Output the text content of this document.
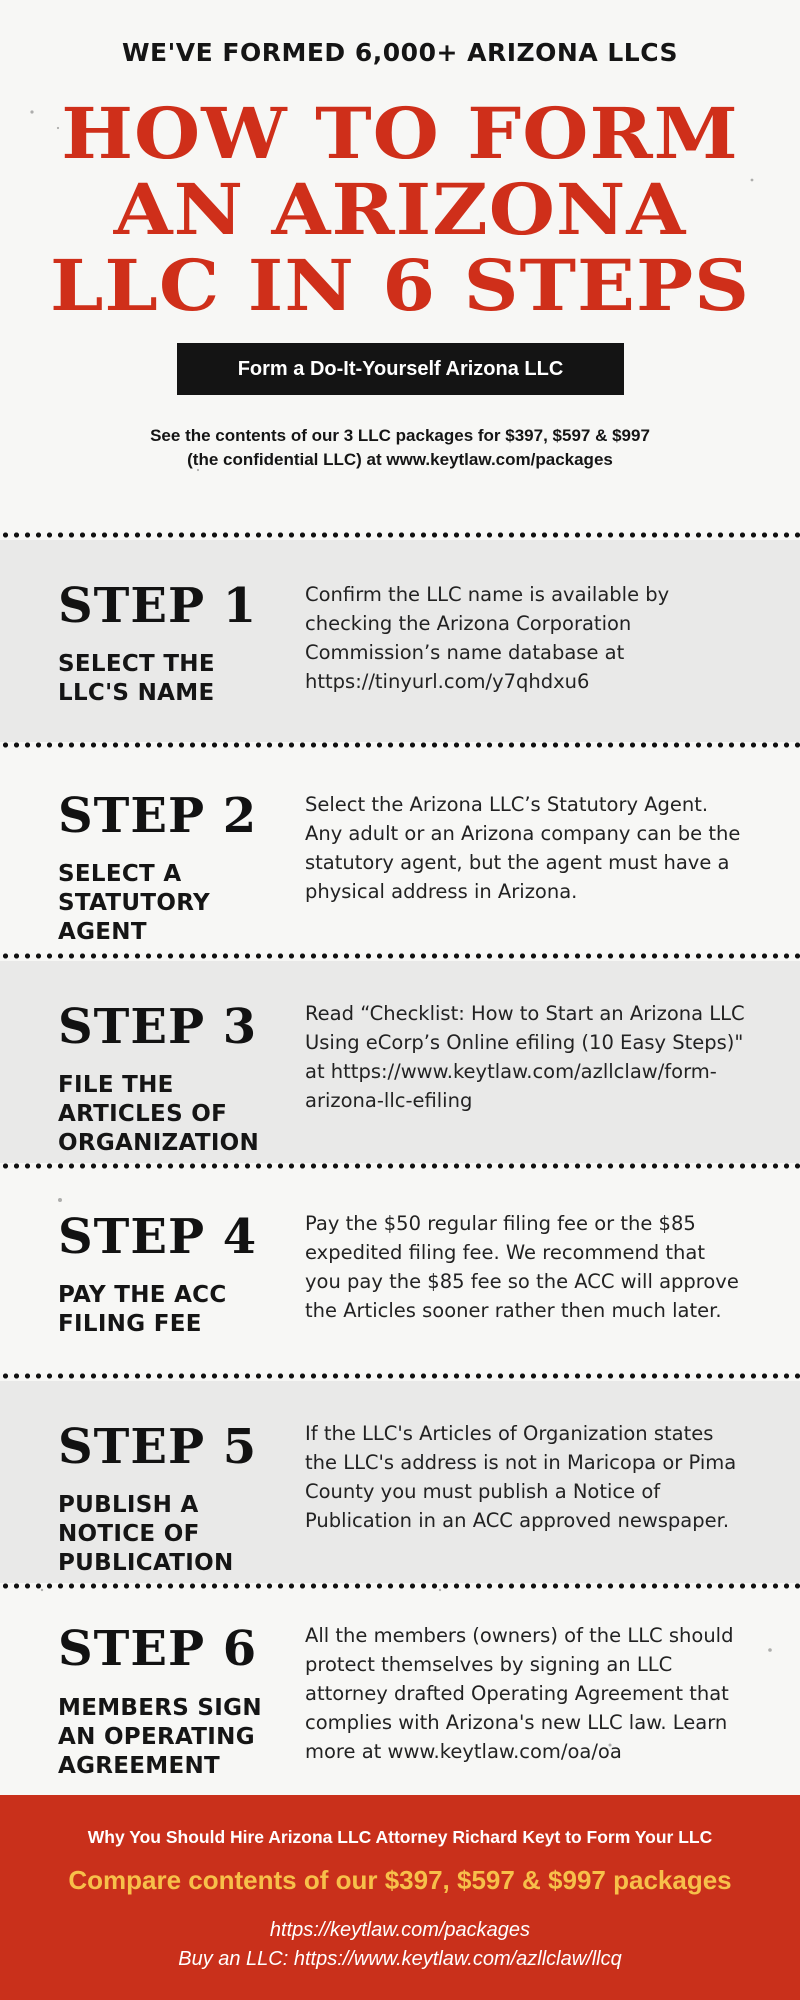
WE'VE FORMED 6,000+ ARIZONA LLCS
HOW TO FORM
AN ARIZONA
LLC IN 6 STEPS
Form a Do-It-Yourself Arizona LLC
See the contents of our 3 LLC packages for $397, $597 & $997 (the confidential LLC) at www.keytlaw.com/packages
STEP 1
SELECT THE LLC'S NAME
Confirm the LLC name is available by checking the Arizona Corporation Commission’s name database at https://tinyurl.com/y7qhdxu6
STEP 2
SELECT A STATUTORY AGENT
Select the Arizona LLC’s Statutory Agent. Any adult or an Arizona company can be the statutory agent, but the agent must have a physical address in Arizona.
STEP 3
FILE THE ARTICLES OF ORGANIZATION
Read “Checklist: How to Start an Arizona LLC Using eCorp’s Online efiling (10 Easy Steps)" at https://www.keytlaw.com/azllclaw/form-arizona-llc-efiling
STEP 4
PAY THE ACC FILING FEE
Pay the $50 regular filing fee or the $85 expedited filing fee. We recommend that you pay the $85 fee so the ACC will approve the Articles sooner rather then much later.
STEP 5
PUBLISH A NOTICE OF PUBLICATION
If the LLC's Articles of Organization states the LLC's address is not in Maricopa or Pima County you must publish a Notice of Publication in an ACC approved newspaper.
STEP 6
MEMBERS SIGN AN OPERATING AGREEMENT
All the members (owners) of the LLC should protect themselves by signing an LLC attorney drafted Operating Agreement that complies with Arizona's new LLC law. Learn more at www.keytlaw.com/oa/oa
Why You Should Hire Arizona LLC Attorney Richard Keyt to Form Your LLC
Compare contents of our $397, $597 & $997 packages
https://keytlaw.com/packages
Buy an LLC: https://www.keytlaw.com/azllclaw/llcq
